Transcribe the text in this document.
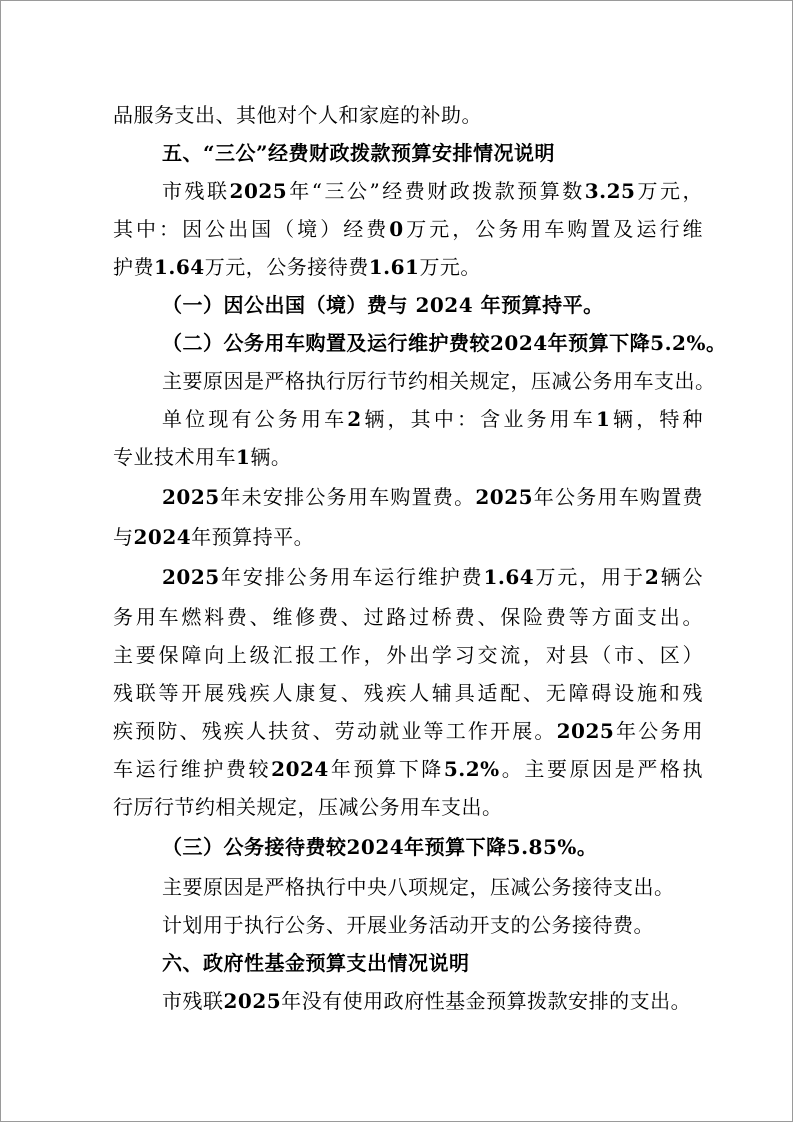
品服务支出、其他对个人和家庭的补助。
五、“三公”经费财政拨款预算安排情况说明
市残联2025年“三公”经费财政拨款预算数3.25万元，
其中：因公出国（境）经费0万元，公务用车购置及运行维
护费1.64万元，公务接待费1.61万元。
（一）因公出国（境）费与 2024 年预算持平。
（二）公务用车购置及运行维护费较2024年预算下降5.2%。
主要原因是严格执行厉行节约相关规定，压减公务用车支出。
单位现有公务用车2辆，其中：含业务用车1辆，特种
专业技术用车1辆。
2025年未安排公务用车购置费。2025年公务用车购置费
与2024年预算持平。
2025年安排公务用车运行维护费1.64万元，用于2辆公
务用车燃料费、维修费、过路过桥费、保险费等方面支出。
主要保障向上级汇报工作，外出学习交流，对县（市、区）
残联等开展残疾人康复、残疾人辅具适配、无障碍设施和残
疾预防、残疾人扶贫、劳动就业等工作开展。2025年公务用
车运行维护费较2024年预算下降5.2%。主要原因是严格执
行厉行节约相关规定，压减公务用车支出。
（三）公务接待费较2024年预算下降5.85%。
主要原因是严格执行中央八项规定，压减公务接待支出。
计划用于执行公务、开展业务活动开支的公务接待费。
六、政府性基金预算支出情况说明
市残联2025年没有使用政府性基金预算拨款安排的支出。
